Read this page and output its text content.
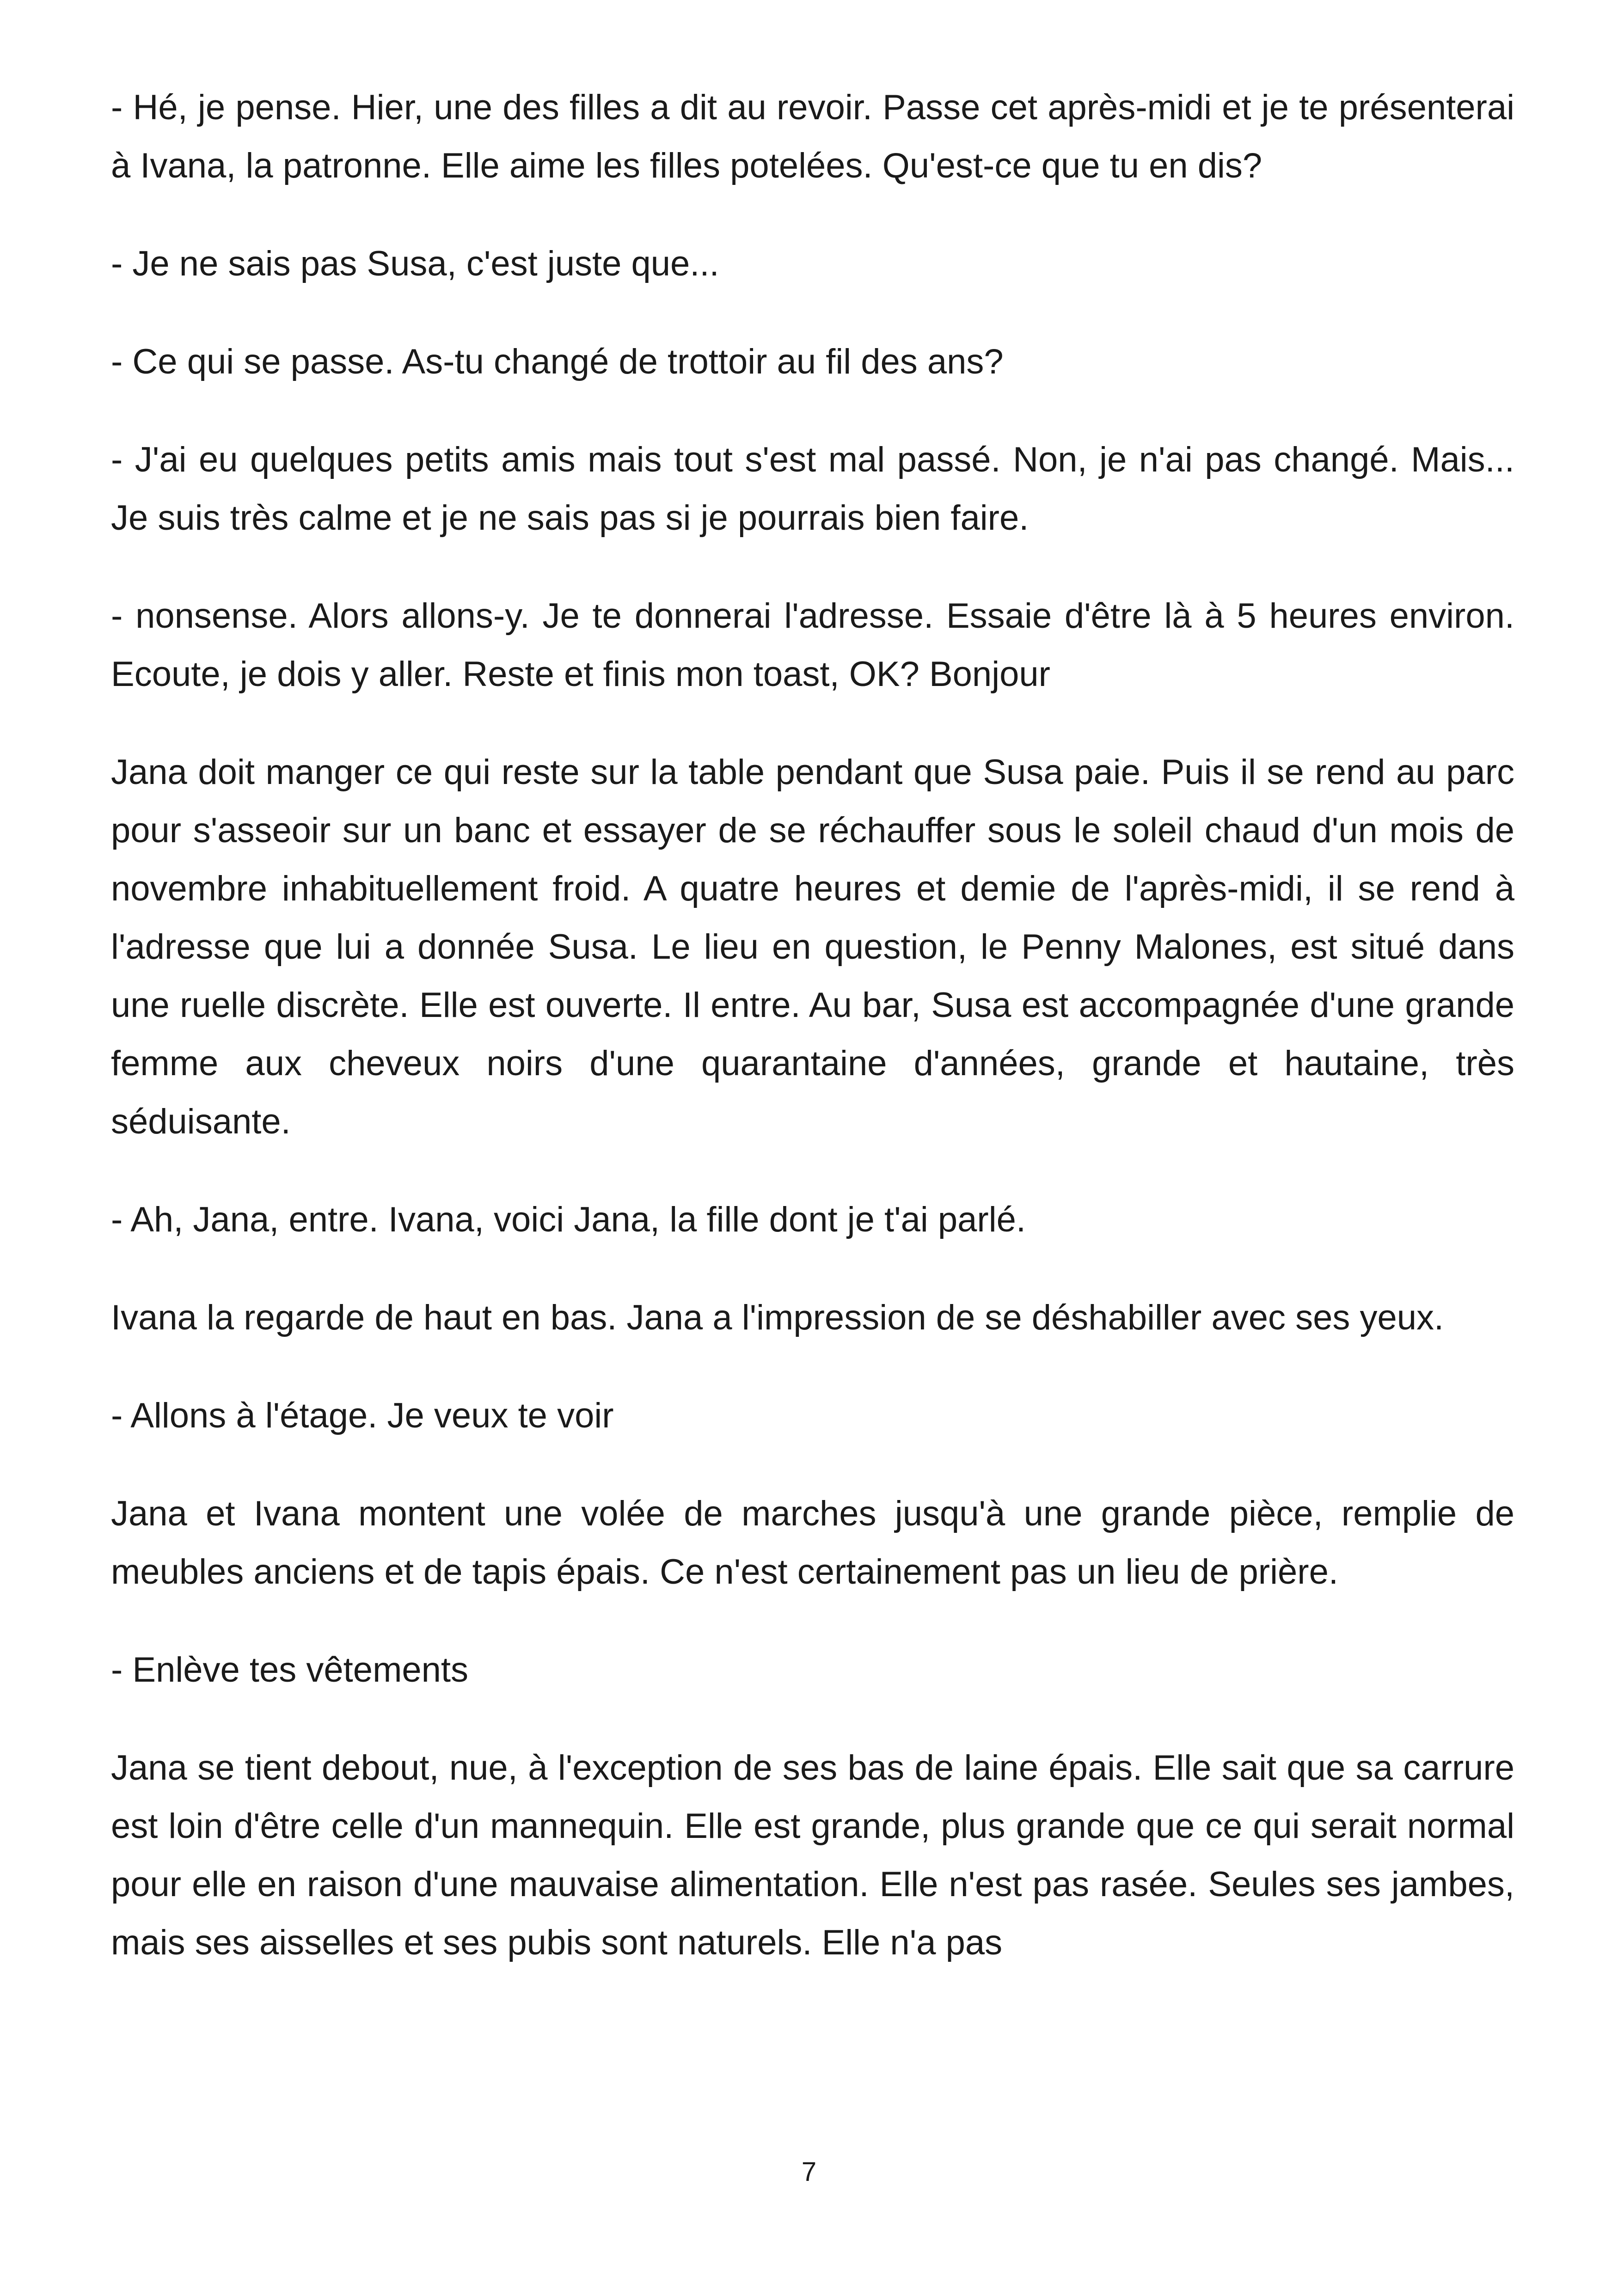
- Hé, je pense. Hier, une des filles a dit au revoir. Passe cet après-midi et je te présenterai à Ivana, la patronne. Elle aime les filles potelées. Qu'est-ce que tu en dis?

- Je ne sais pas Susa, c'est juste que...

- Ce qui se passe. As-tu changé de trottoir au fil des ans?

- J'ai eu quelques petits amis mais tout s'est mal passé. Non, je n'ai pas changé. Mais... Je suis très calme et je ne sais pas si je pourrais bien faire.

- nonsense. Alors allons-y. Je te donnerai l'adresse. Essaie d'être là à 5 heures environ. Ecoute, je dois y aller. Reste et finis mon toast, OK? Bonjour

Jana doit manger ce qui reste sur la table pendant que Susa paie. Puis il se rend au parc pour s'asseoir sur un banc et essayer de se réchauffer sous le soleil chaud d'un mois de novembre inhabituellement froid. A quatre heures et demie de l'après-midi, il se rend à l'adresse que lui a donnée Susa. Le lieu en question, le Penny Malones, est situé dans une ruelle discrète. Elle est ouverte. Il entre. Au bar, Susa est accompagnée d'une grande femme aux cheveux noirs d'une quarantaine d'années, grande et hautaine, très séduisante.

- Ah, Jana, entre. Ivana, voici Jana, la fille dont je t'ai parlé.

Ivana la regarde de haut en bas. Jana a l'impression de se déshabiller avec ses yeux.

- Allons à l'étage. Je veux te voir

Jana et Ivana montent une volée de marches jusqu'à une grande pièce, remplie de meubles anciens et de tapis épais. Ce n'est certainement pas un lieu de prière.

- Enlève tes vêtements

Jana se tient debout, nue, à l'exception de ses bas de laine épais. Elle sait que sa carrure est loin d'être celle d'un mannequin. Elle est grande, plus grande que ce qui serait normal pour elle en raison d'une mauvaise alimentation. Elle n'est pas rasée. Seules ses jambes, mais ses aisselles et ses pubis sont naturels. Elle n'a pas

7
